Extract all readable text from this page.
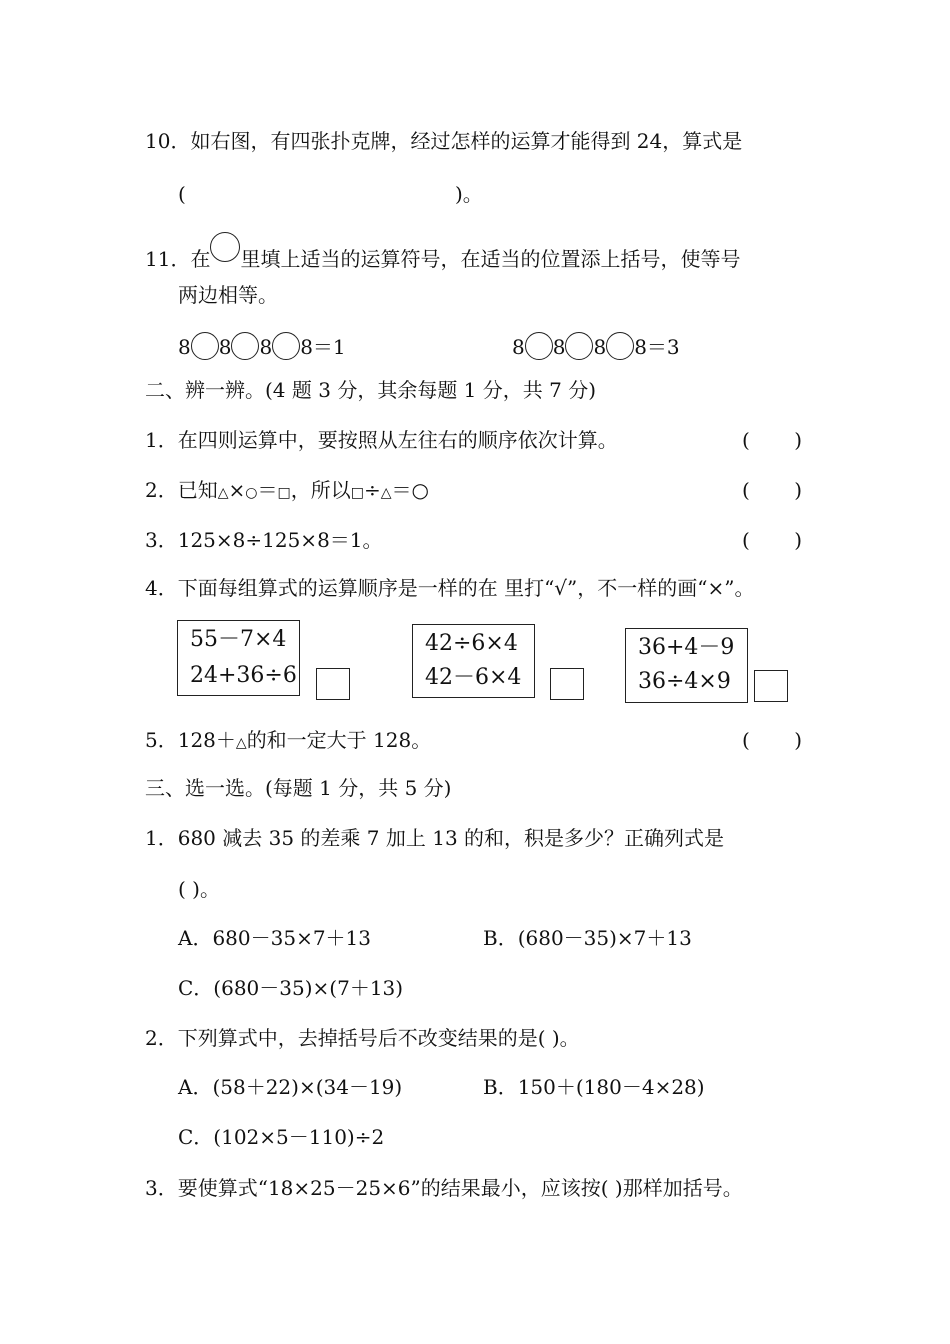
10．如右图，有四张扑克牌，经过怎样的运算才能得到 24，算式是
(	)。
11．在 里填上适当的运算符号，在适当的位置添上括号，使等号
两边相等。
8 8 8 8＝1	8 8 8 8＝3
二、辨一辨。(4 题 3 分，其余每题 1 分，共 7 分)
1．在四则运算中，要按照从左往右的顺序依次计算。	( )
2．已知△×○＝□，所以□÷△＝○	( )
3．125×8÷125×8＝1。	( )
4．下面每组算式的运算顺序是一样的在 里打“√”，不一样的画“×”。
55－7×4
24+36÷6
42÷6×4
42－6×4
36+4－9
36÷4×9
5．128＋△的和一定大于 128。	( )
三、选一选。(每题 1 分，共 5 分)
1．680 减去 35 的差乘 7 加上 13 的和，积是多少？正确列式是
( )。
A．680－35×7＋13	B．(680－35)×7＋13
C．(680－35)×(7＋13)
2．下列算式中，去掉括号后不改变结果的是( )。
A．(58＋22)×(34－19)	B．150＋(180－4×28)
C．(102×5－110)÷2
3．要使算式“18×25－25×6”的结果最小，应该按( )那样加括号。
